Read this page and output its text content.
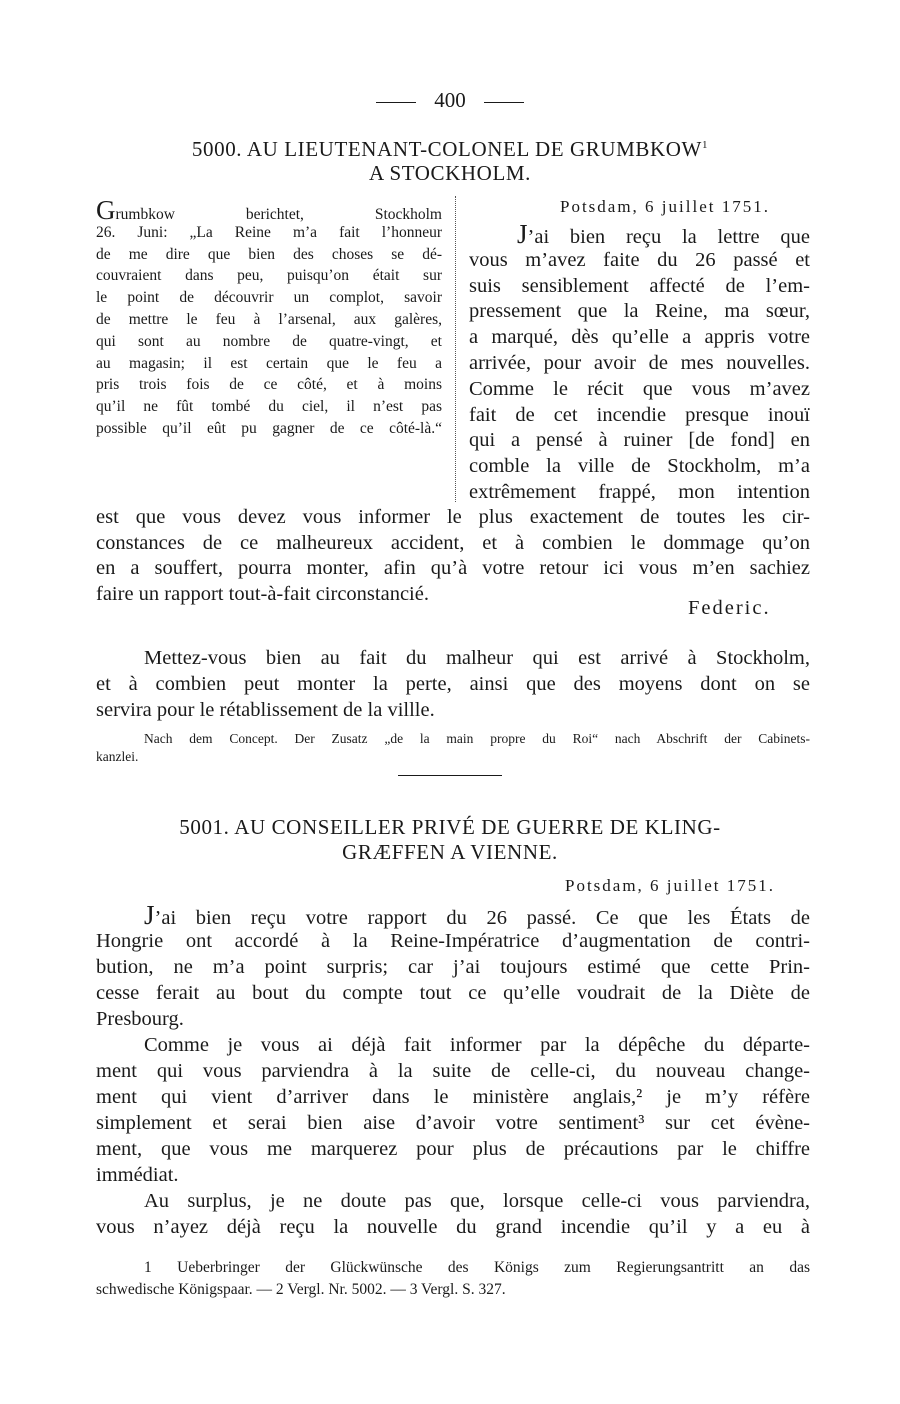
400
5000. AU LIEUTENANT-COLONEL DE GRUMBKOW$^1$
A STOCKHOLM.
Grumbkow berichtet, Stockholm
26. Juni: „La Reine m’a fait l’honneur
de me dire que bien des choses se dé-
couvraient dans peu, puisqu’on était sur
le point de découvrir un complot, savoir
de mettre le feu à l’arsenal, aux galères,
qui sont au nombre de quatre-vingt, et
au magasin; il est certain que le feu a
pris trois fois de ce côté, et à moins
qu’il ne fût tombé du ciel, il n’est pas
possible qu’il eût pu gagner de ce côté-là.“
Potsdam, 6 juillet 1751.
J’ai bien reçu la lettre que
vous m’avez faite du 26 passé et
suis sensiblement affecté de l’em-
pressement que la Reine, ma sœur,
a marqué, dès qu’elle a appris votre
arrivée, pour avoir de mes nouvelles.
Comme le récit que vous m’avez
fait de cet incendie presque inouï
qui a pensé à ruiner [de fond] en
comble la ville de Stockholm, m’a
extrêmement frappé, mon intention
est que vous devez vous informer le plus exactement de toutes les cir-
constances de ce malheureux accident, et à combien le dommage qu’on
en a souffert, pourra monter, afin qu’à votre retour ici vous m’en sachiez
faire un rapport tout-à-fait circonstancié.
Federic.
Mettez-vous bien au fait du malheur qui est arrivé à Stockholm,
et à combien peut monter la perte, ainsi que des moyens dont on se
servira pour le rétablissement de la villle.
Nach dem Concept. Der Zusatz „de la main propre du Roi“ nach Abschrift der Cabinets-
kanzlei.
5001. AU CONSEILLER PRIVÉ DE GUERRE DE KLING-
GRÆFFEN A VIENNE.
Potsdam, 6 juillet 1751.
J’ai bien reçu votre rapport du 26 passé. Ce que les États de
Hongrie ont accordé à la Reine-Impératrice d’augmentation de contri-
bution, ne m’a point surpris; car j’ai toujours estimé que cette Prin-
cesse ferait au bout du compte tout ce qu’elle voudrait de la Diète de
Presbourg.
Comme je vous ai déjà fait informer par la dépêche du départe-
ment qui vous parviendra à la suite de celle-ci, du nouveau change-
ment qui vient d’arriver dans le ministère anglais,² je m’y réfère
simplement et serai bien aise d’avoir votre sentiment³ sur cet évène-
ment, que vous me marquerez pour plus de précautions par le chiffre
immédiat.
Au surplus, je ne doute pas que, lorsque celle-ci vous parviendra,
vous n’ayez déjà reçu la nouvelle du grand incendie qu’il y a eu à
1 Ueberbringer der Glückwünsche des Königs zum Regierungsantritt an das
schwedische Königspaar. — 2 Vergl. Nr. 5002. — 3 Vergl. S. 327.
